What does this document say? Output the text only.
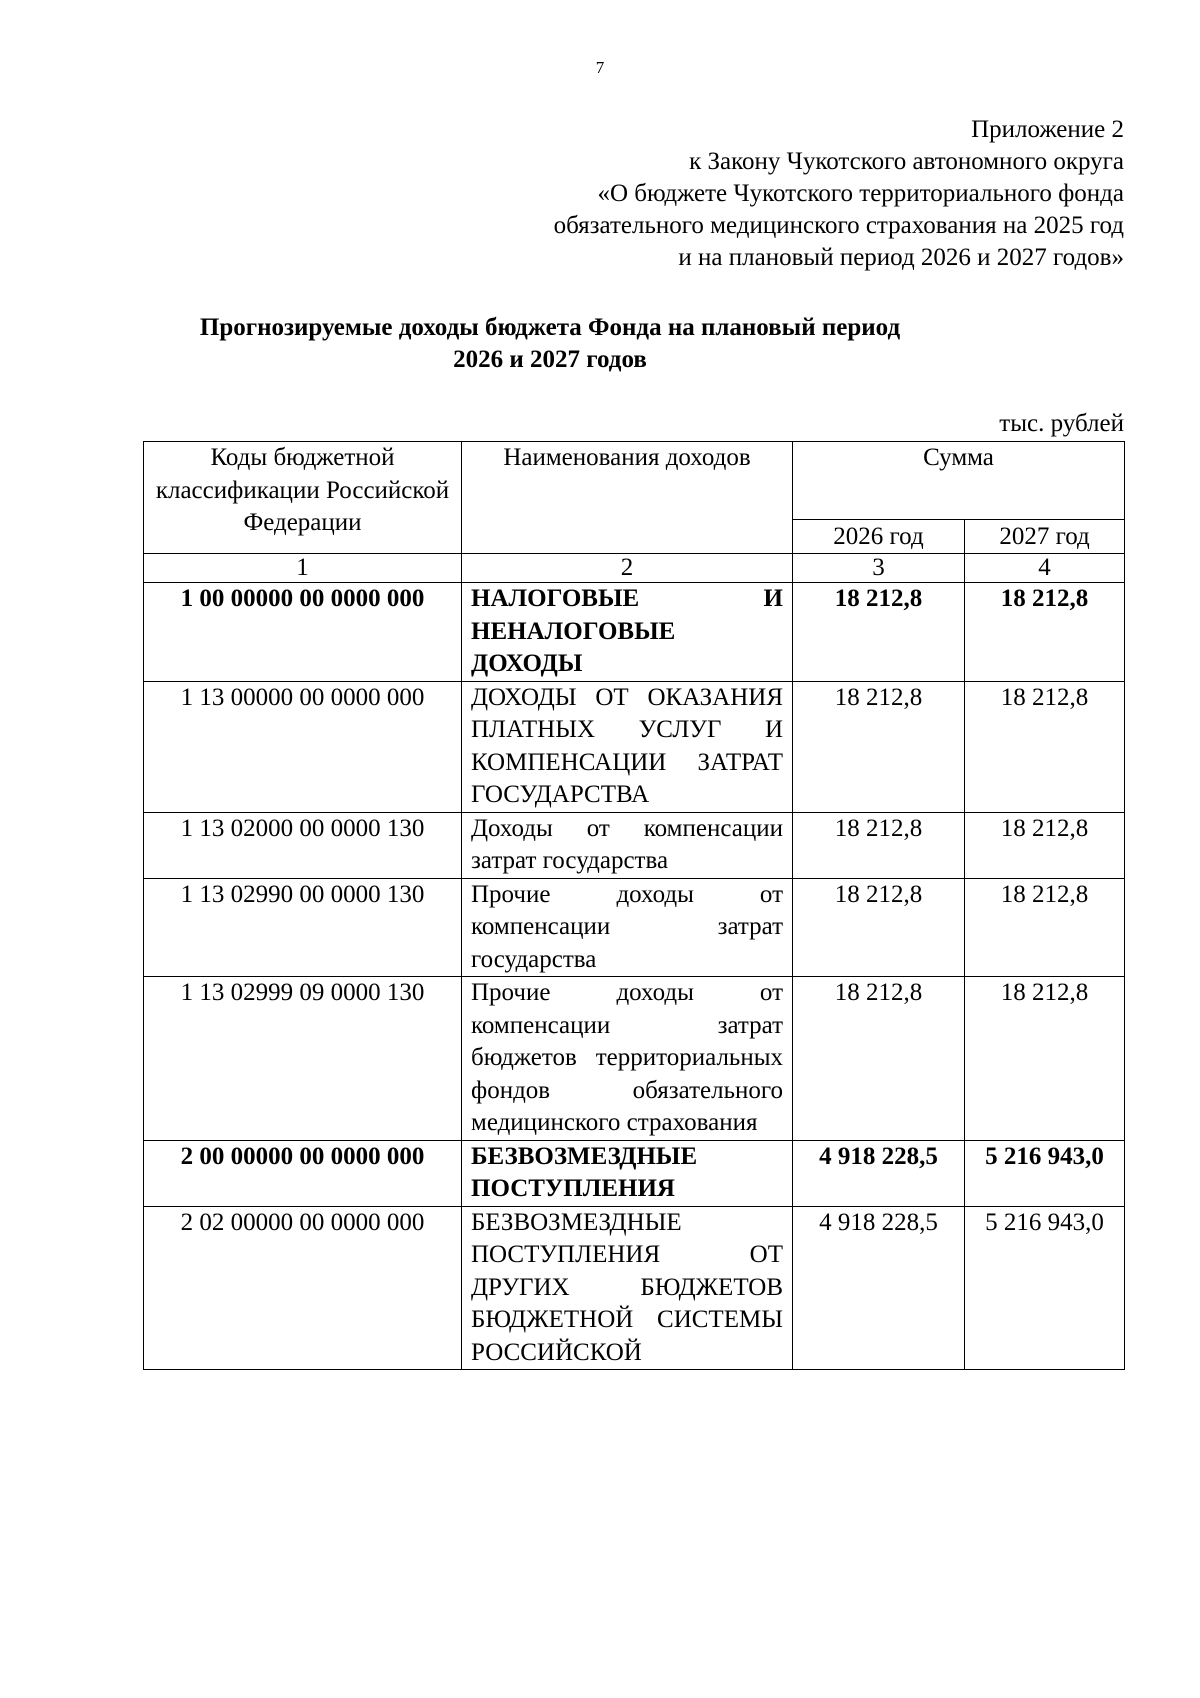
7
Приложение 2
к Закону Чукотского автономного округа
«О бюджете Чукотского территориального фонда
обязательного медицинского страхования на 2025 год
и на плановый период 2026 и 2027 годов»
Прогнозируемые доходы бюджета Фонда на плановый период
2026 и 2027 годов
тыс. рублей
Коды бюджетной классификации Российской Федерации	Наименования доходов	Сумма	
		2026 год	2027 год
1	2	3	4
1 00 00000 00 0000 000	НАЛОГОВЫЕ И НЕНАЛОГОВЫЕ ДОХОДЫ	18 212,8	18 212,8
1 13 00000 00 0000 000	ДОХОДЫ ОТ ОКАЗАНИЯ ПЛАТНЫХ УСЛУГ И КОМПЕНСАЦИИ ЗАТРАТ ГОСУДАРСТВА	18 212,8	18 212,8
1 13 02000 00 0000 130	Доходы от компенсации затрат государства	18 212,8	18 212,8
1 13 02990 00 0000 130	Прочие доходы от компенсации затрат государства	18 212,8	18 212,8
1 13 02999 09 0000 130	Прочие доходы от компенсации затрат бюджетов территориальных фондов обязательного медицинского страхования	18 212,8	18 212,8
2 00 00000 00 0000 000	БЕЗВОЗМЕЗДНЫЕ ПОСТУПЛЕНИЯ	4 918 228,5	5 216 943,0
2 02 00000 00 0000 000	БЕЗВОЗМЕЗДНЫЕ ПОСТУПЛЕНИЯ ОТ ДРУГИХ БЮДЖЕТОВ БЮДЖЕТНОЙ СИСТЕМЫ РОССИЙСКОЙ	4 918 228,5	5 216 943,0
